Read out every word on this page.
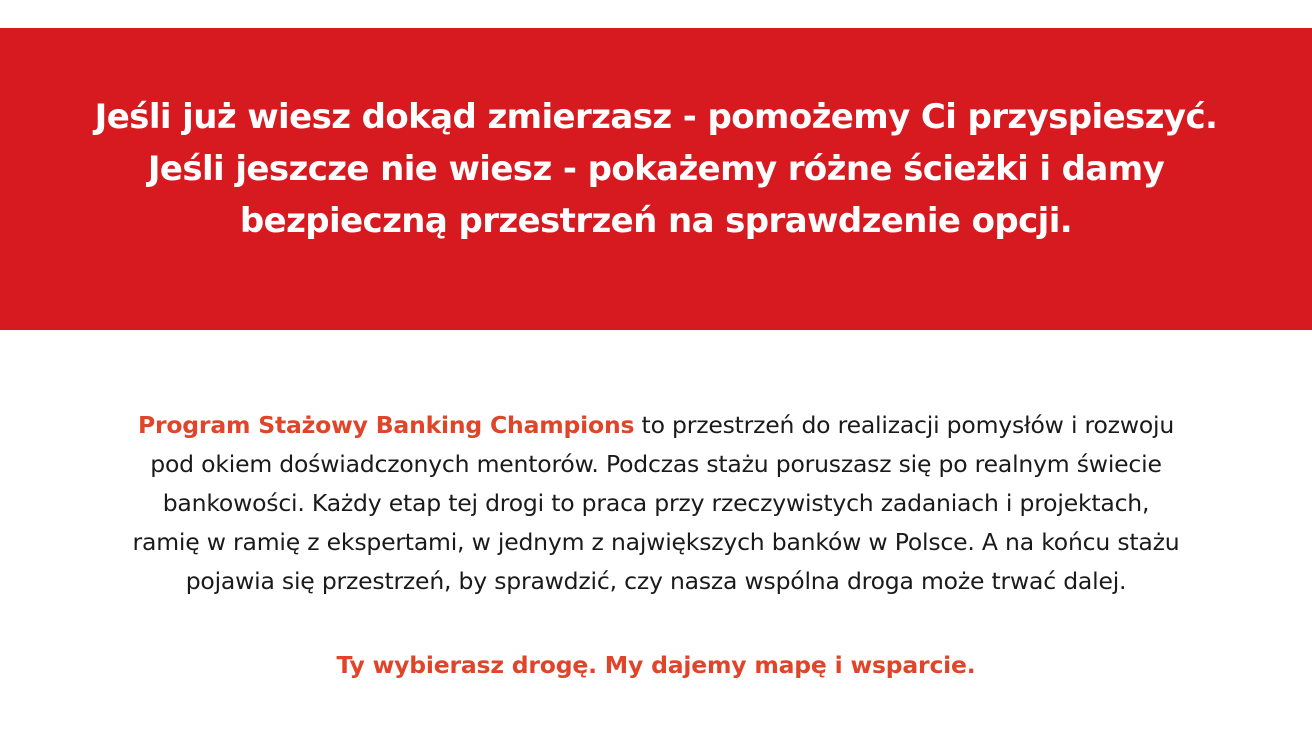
Jeśli już wiesz dokąd zmierzasz - pomożemy Ci przyspieszyć.
Jeśli jeszcze nie wiesz - pokażemy różne ścieżki i damy
bezpieczną przestrzeń na sprawdzenie opcji.

Program Stażowy Banking Champions to przestrzeń do realizacji pomysłów i rozwoju
pod okiem doświadczonych mentorów. Podczas stażu poruszasz się po realnym świecie
bankowości. Każdy etap tej drogi to praca przy rzeczywistych zadaniach i projektach,
ramię w ramię z ekspertami, w jednym z największych banków w Polsce. A na końcu stażu
pojawia się przestrzeń, by sprawdzić, czy nasza wspólna droga może trwać dalej.

Ty wybierasz drogę. My dajemy mapę i wsparcie.
